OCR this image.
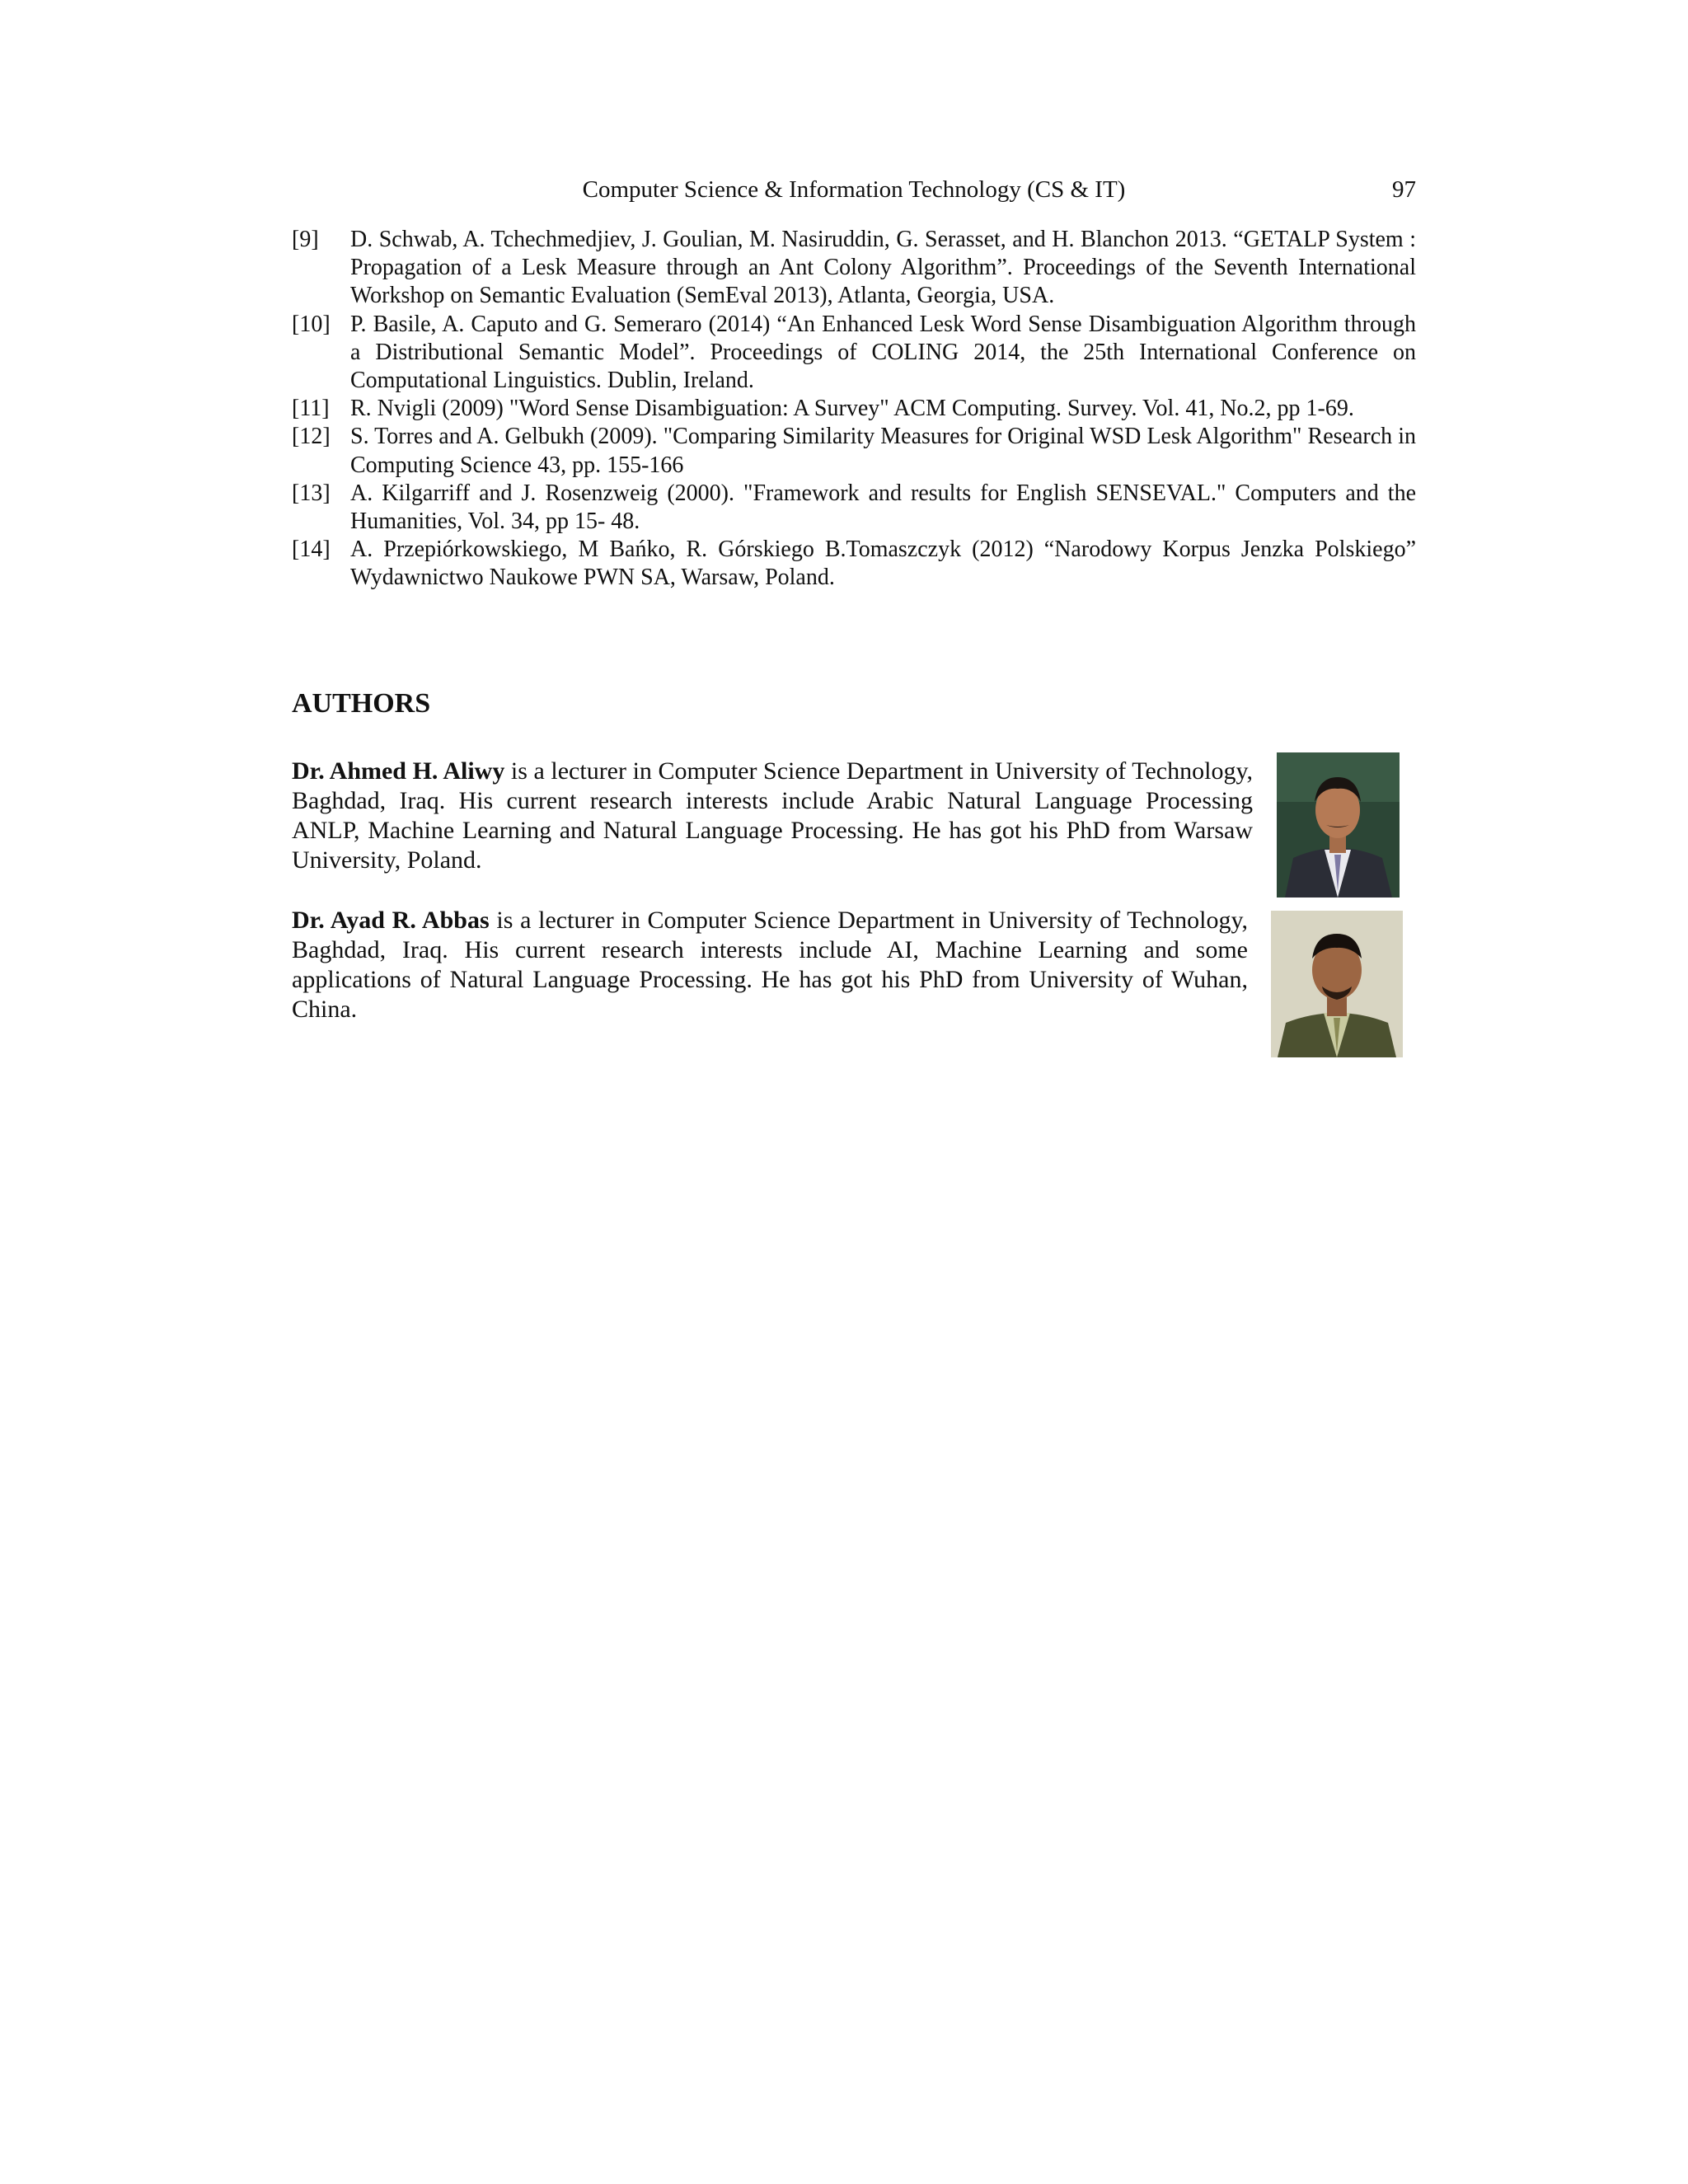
Computer Science & Information Technology (CS & IT)	97

[9] D. Schwab, A. Tchechmedjiev, J. Goulian, M. Nasiruddin, G. Serasset, and H. Blanchon 2013. “GETALP System : Propagation of a Lesk Measure through an Ant Colony Algorithm”. Proceedings of the Seventh International Workshop on Semantic Evaluation (SemEval 2013), Atlanta, Georgia, USA.

[10] P. Basile, A. Caputo and G. Semeraro (2014) “An Enhanced Lesk Word Sense Disambiguation Algorithm through a Distributional Semantic Model”. Proceedings of COLING 2014, the 25th International Conference on Computational Linguistics. Dublin, Ireland.

[11] R. Nvigli (2009) "Word Sense Disambiguation: A Survey" ACM Computing. Survey. Vol. 41, No.2, pp 1-69.

[12] S. Torres and A. Gelbukh (2009). "Comparing Similarity Measures for Original WSD Lesk Algorithm" Research in Computing Science 43, pp. 155-166

[13] A. Kilgarriff and J. Rosenzweig (2000). "Framework and results for English SENSEVAL." Computers and the Humanities, Vol. 34, pp 15- 48.

[14] A. Przepiórkowskiego, M Bańko, R. Górskiego B.Tomaszczyk (2012) “Narodowy Korpus Jenzka Polskiego” Wydawnictwo Naukowe PWN SA, Warsaw, Poland.

AUTHORS

Dr. Ahmed H. Aliwy is a lecturer in Computer Science Department in University of Technology, Baghdad, Iraq. His current research interests include Arabic Natural Language Processing ANLP, Machine Learning and Natural Language Processing. He has got his PhD from Warsaw University, Poland.

Dr. Ayad R. Abbas is a lecturer in Computer Science Department in University of Technology, Baghdad, Iraq. His current research interests include AI, Machine Learning and some applications of Natural Language Processing. He has got his PhD from University of Wuhan, China.
